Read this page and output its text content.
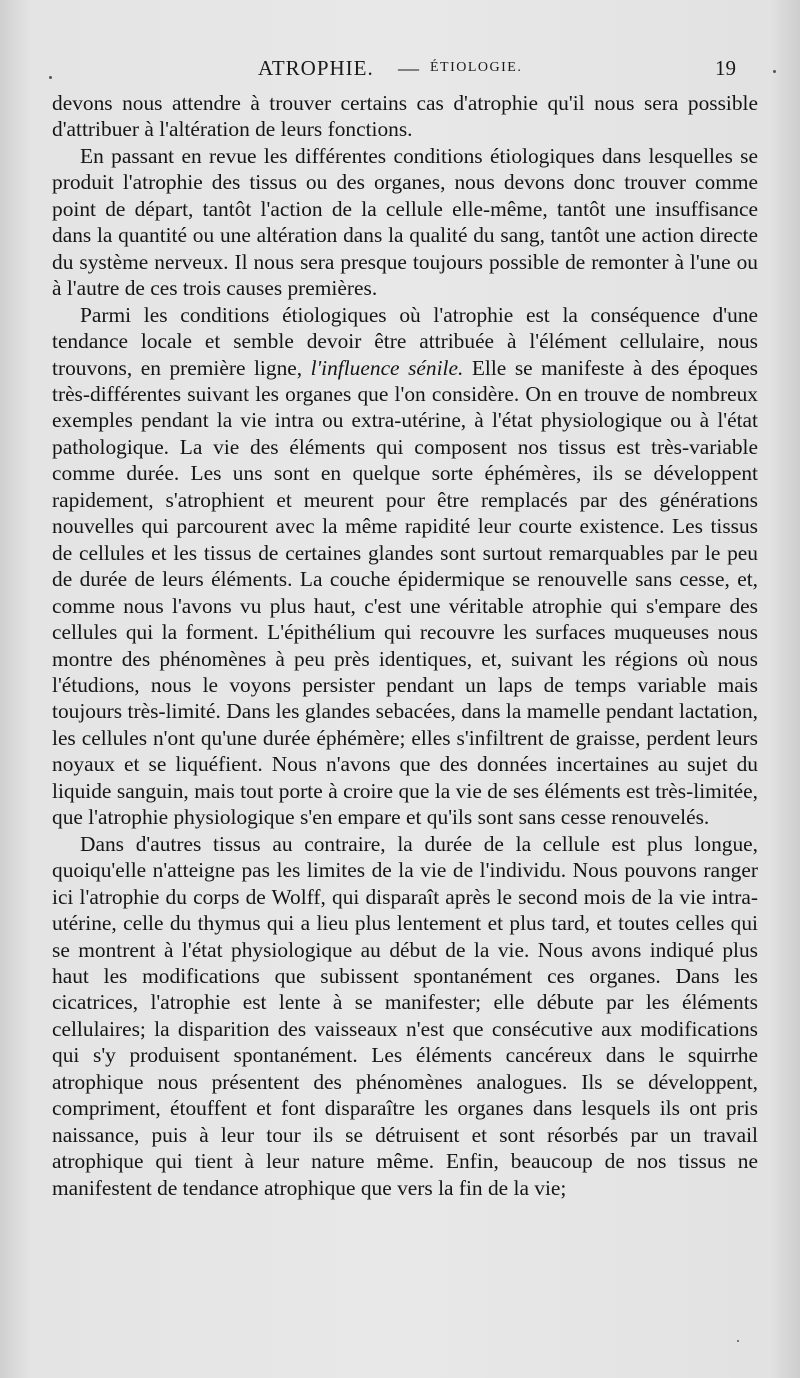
ATROPHIE. — ÉTIOLOGIE.	19

devons nous attendre à trouver certains cas d'atrophie qu'il nous sera possible d'attribuer à l'altération de leurs fonctions.

En passant en revue les différentes conditions étiologiques dans lesquelles se produit l'atrophie des tissus ou des organes, nous devons donc trouver comme point de départ, tantôt l'action de la cellule elle-même, tantôt une insuffisance dans la quantité ou une altération dans la qualité du sang, tantôt une action directe du système nerveux. Il nous sera presque toujours possible de remonter à l'une ou à l'autre de ces trois causes premières.

Parmi les conditions étiologiques où l'atrophie est la conséquence d'une tendance locale et semble devoir être attribuée à l'élément cellulaire, nous trouvons, en première ligne, l'influence sénile. Elle se manifeste à des époques très-différentes suivant les organes que l'on considère. On en trouve de nombreux exemples pendant la vie intra ou extra-utérine, à l'état physiologique ou à l'état pathologique. La vie des éléments qui composent nos tissus est très-variable comme durée. Les uns sont en quelque sorte éphémères, ils se développent rapidement, s'atrophient et meurent pour être remplacés par des générations nouvelles qui parcourent avec la même rapidité leur courte existence. Les tissus de cellules et les tissus de certaines glandes sont surtout remarquables par le peu de durée de leurs éléments. La couche épidermique se renouvelle sans cesse, et, comme nous l'avons vu plus haut, c'est une véritable atrophie qui s'empare des cellules qui la forment. L'épithélium qui recouvre les surfaces muqueuses nous montre des phénomènes à peu près identiques, et, suivant les régions où nous l'étudions, nous le voyons persister pendant un laps de temps variable mais toujours très-limité. Dans les glandes sebacées, dans la mamelle pendant lactation, les cellules n'ont qu'une durée éphémère; elles s'infiltrent de graisse, perdent leurs noyaux et se liquéfient. Nous n'avons que des données incertaines au sujet du liquide sanguin, mais tout porte à croire que la vie de ses éléments est très-limitée, que l'atrophie physiologique s'en empare et qu'ils sont sans cesse renouvelés.

Dans d'autres tissus au contraire, la durée de la cellule est plus longue, quoiqu'elle n'atteigne pas les limites de la vie de l'individu. Nous pouvons ranger ici l'atrophie du corps de Wolff, qui disparaît après le second mois de la vie intra-utérine, celle du thymus qui a lieu plus lentement et plus tard, et toutes celles qui se montrent à l'état physiologique au début de la vie. Nous avons indiqué plus haut les modifications que subissent spontanément ces organes. Dans les cicatrices, l'atrophie est lente à se manifester; elle débute par les éléments cellulaires; la disparition des vaisseaux n'est que consécutive aux modifications qui s'y produisent spontanément. Les éléments cancéreux dans le squirrhe atrophique nous présentent des phénomènes analogues. Ils se développent, compriment, étouffent et font disparaître les organes dans lesquels ils ont pris naissance, puis à leur tour ils se détruisent et sont résorbés par un travail atrophique qui tient à leur nature même. Enfin, beaucoup de nos tissus ne manifestent de tendance atrophique que vers la fin de la vie;
